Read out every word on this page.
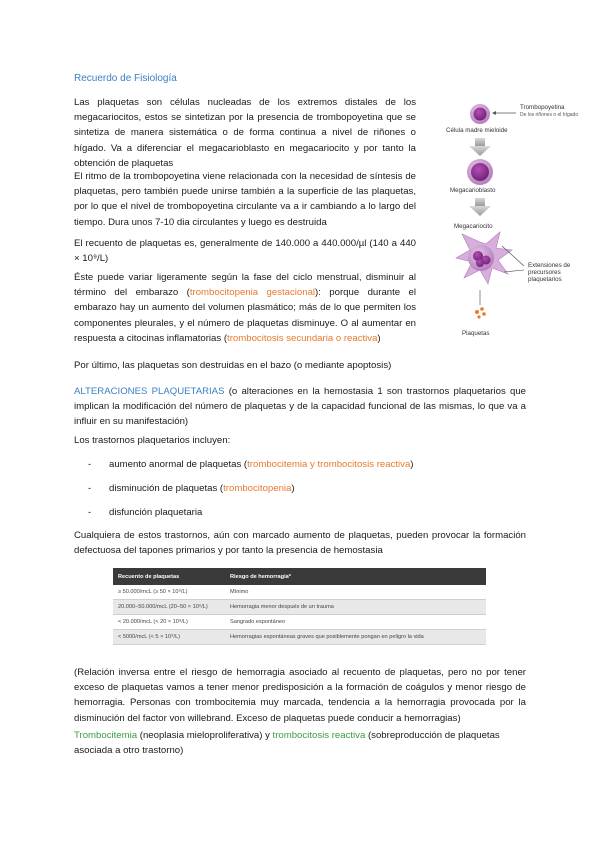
Recuerdo de Fisiología

Las plaquetas son células nucleadas de los extremos distales de los megacariocitos, estos se sintetizan por la presencia de trombopoyetina que se sintetiza de manera sistemática o de forma continua a nivel de riñones o hígado. Va a diferenciar el megacarioblasto en megacariocito y por tanto la obtención de plaquetas

El ritmo de la trombopoyetina viene relacionada con la necesidad de síntesis de plaquetas, pero también puede unirse también a la superficie de las plaquetas, por lo que el nivel de trombopoyetina circulante va a ir cambiando a lo largo del tiempo. Dura unos 7-10 dia circulantes y luego es destruida

El recuento de plaquetas es, generalmente de 140.000 a 440.000/µl (140 a 440 × 10⁹/L)

Éste puede variar ligeramente según la fase del ciclo menstrual, disminuir al término del embarazo (trombocitopenia gestacional): porque durante el embarazo hay un aumento del volumen plasmático; más de lo que permiten los componentes pleurales, y el número de plaquetas disminuye. O al aumentar en respuesta a citocinas inflamatorias (trombocitosis secundaria o reactiva)

Por último, las plaquetas son destruidas en el bazo (o mediante apoptosis)

ALTERACIONES PLAQUETARIAS (o alteraciones en la hemostasia 1 son trastornos plaquetarios que implican la modificación del número de plaquetas y de la capacidad funcional de las mismas, lo que va a influir en su manifestación)

Los trastornos plaquetarios incluyen:

- aumento anormal de plaquetas (trombocitemia y trombocitosis reactiva)
- disminución de plaquetas (trombocitopenia)
- disfunción plaquetaria

Cualquiera de estos trastornos, aún con marcado aumento de plaquetas, pueden provocar la formación defectuosa del tapones primarios y por tanto la presencia de hemostasia

Recuento de plaquetas	Riesgo de hemorragia*
≥ 50.000/mcL (≥ 50 × 10⁹/L)	Mínimo
20.000–50.000/mcL (20–50 × 10⁹/L)	Hemorragia menor después de un trauma
< 20.000/mcL (< 20 × 10⁹/L)	Sangrado espontáneo
< 5000/mcL (< 5 × 10⁹/L)	Hemorragias espontáneas graves que posiblemente pongan en peligro la vida

(Relación inversa entre el riesgo de hemorragia asociado al recuento de plaquetas, pero no por tener exceso de plaquetas vamos a tener menor predisposición a la formación de coágulos y menor riesgo de hemorragia. Personas con trombocitemia muy marcada, tendencia a la hemorragia provocada por la disminución del factor von willebrand. Exceso de plaquetas puede conducir a hemorragias)

Trombocitemia (neoplasia mieloproliferativa) y trombocitosis reactiva (sobreproducción de plaquetas asociada a otro trastorno)

Trombopoyetina
De los riñones o el hígado
Célula madre mieloide
Megacarioblasto
Megacariocito
Extensiones de precursores plaquetarios
Plaquetas
